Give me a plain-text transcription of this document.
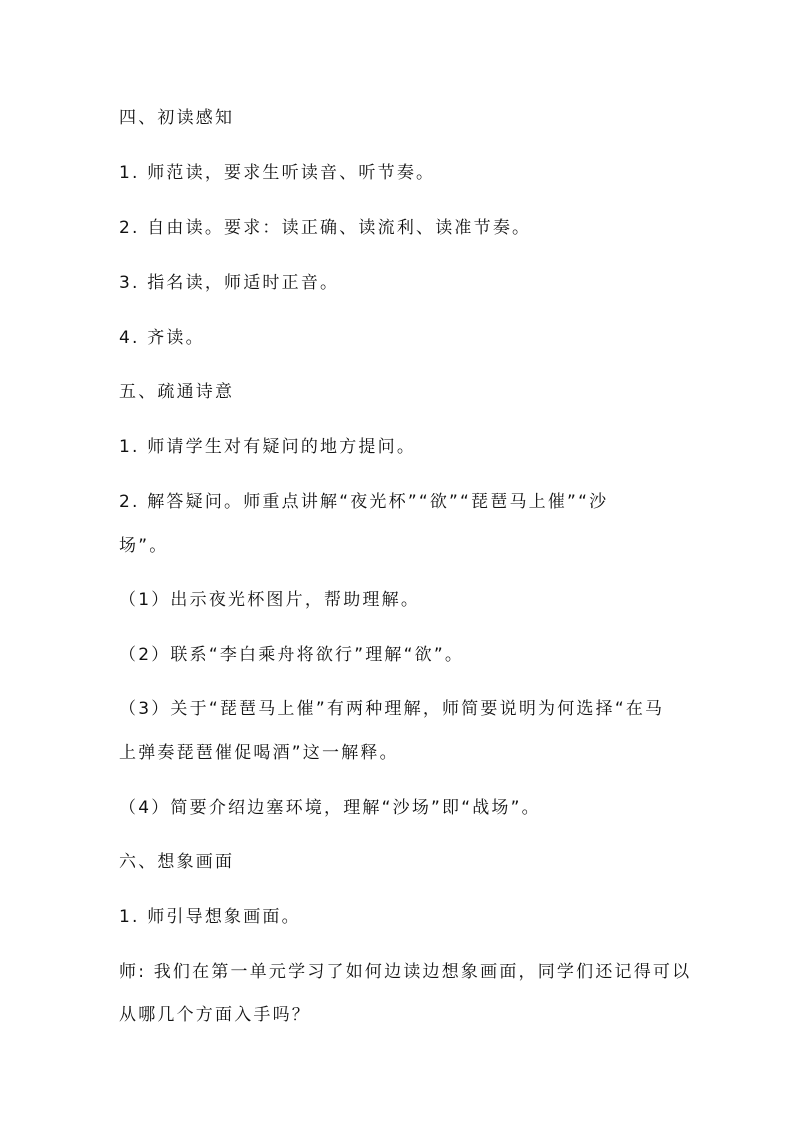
四、初读感知
1. 师范读，要求生听读音、听节奏。
2. 自由读。要求：读正确、读流利、读准节奏。
3. 指名读，师适时正音。
4. 齐读。
五、疏通诗意
1. 师请学生对有疑问的地方提问。
2. 解答疑问。师重点讲解“夜光杯”“欲”“琵琶马上催”“沙
场”。
（1）出示夜光杯图片，帮助理解。
（2）联系“李白乘舟将欲行”理解“欲”。
（3）关于“琵琶马上催”有两种理解，师简要说明为何选择“在马
上弹奏琵琶催促喝酒”这一解释。
（4）简要介绍边塞环境，理解“沙场”即“战场”。
六、想象画面
1. 师引导想象画面。
师: 我们在第一单元学习了如何边读边想象画面，同学们还记得可以
从哪几个方面入手吗？
